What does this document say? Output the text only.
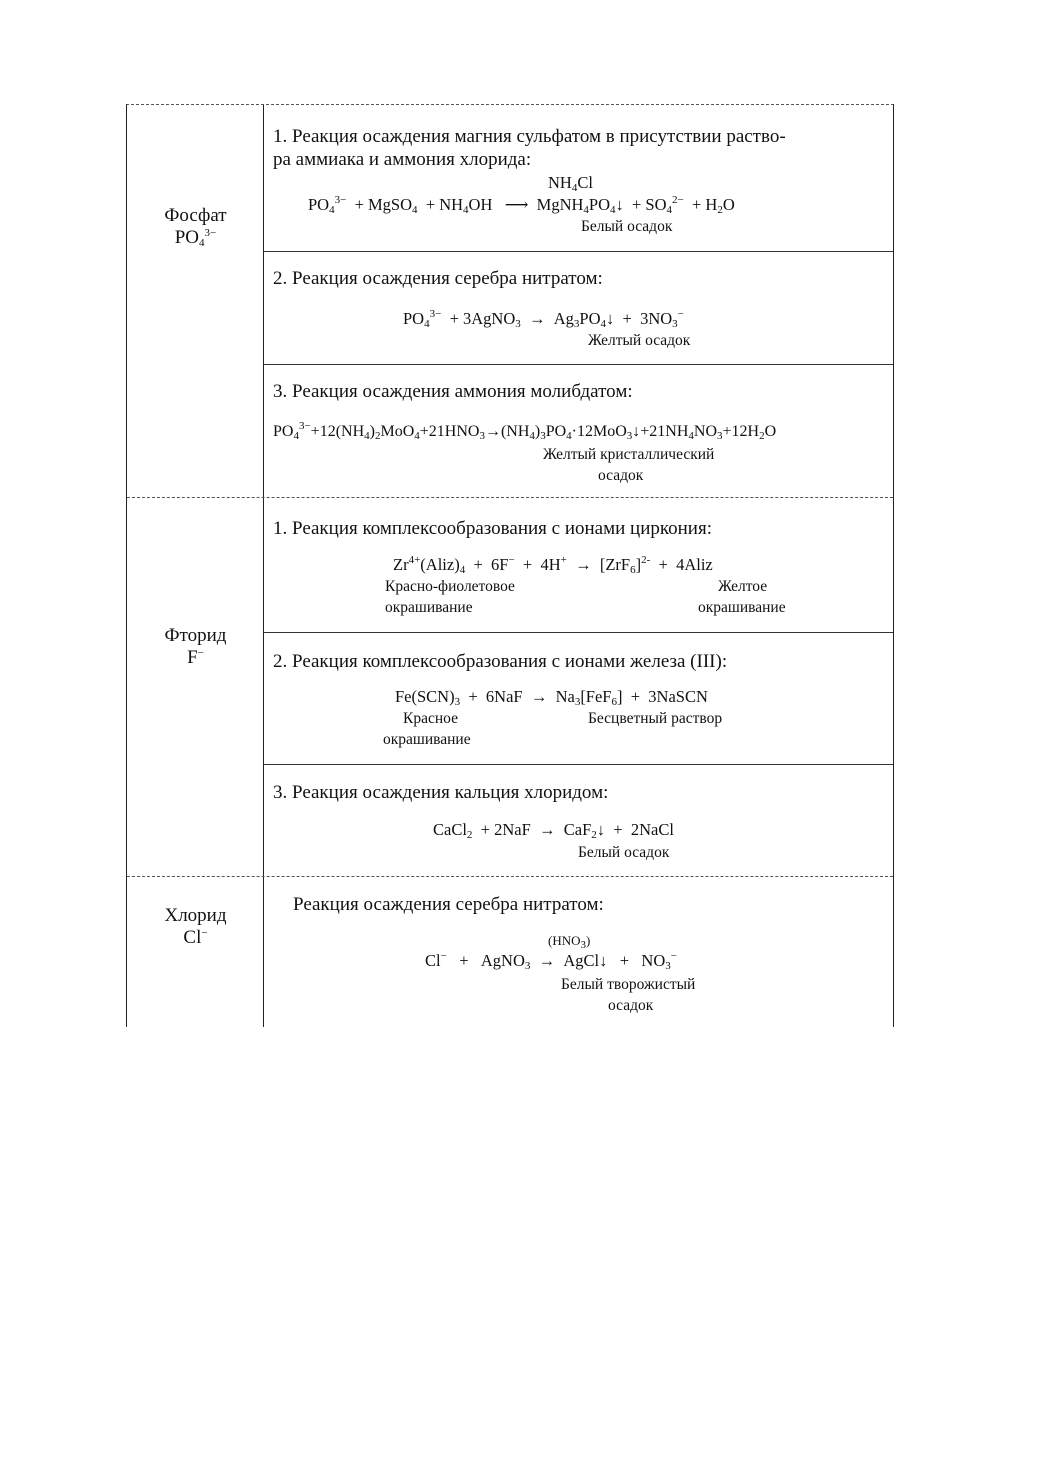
Фосфат
$PO_4^{3-}$
Фторид
F−
Хлорид
Cl−
1. Реакция осаждения магния сульфатом в присутствии раство-
ра аммиака и аммония хлорида:
$NH_4Cl$
$PO_4^{3-}$  + MgSO$_4$  + $NH_4OH$   ⟶  $MgNH_4PO_4↓ + SO_4^{2-} + H_2O$
Белый осадок
2. Реакция осаждения серебра нитратом:
$PO_4^{3-}$  + 3AgNO$_3$  →  $Ag_3PO_4↓ + 3NO_3^-$
Желтый осадок
3. Реакция осаждения аммония молибдатом:
$PO_4^{3-}+12(NH_4)_2MoO_4+21HNO_3\to(NH_4)_3PO_4\cdot 12MoO_3↓+21NH_4NO_3+12H_2O$
Желтый кристаллический
осадок
1. Реакция комплексообразования с ионами циркония:
$Zr^{4+}(Aliz)_4 + 6F^- + 4H^+ \to [ZrF_6]^{2-}$  +  4Aliz
Красно-фиолетовое
окрашивание
Желтое
окрашивание
2. Реакция комплексообразования с ионами железа (III):
$Fe(SCN)_3 + 6NaF \to Na_3[FeF_6]$  +  3NaSCN
Красное
окрашивание
Бесцветный раствор
3. Реакция осаждения кальция хлоридом:
CaCl$_2$  + 2NaF  →  CaF$_2$↓  +  2NaCl
Белый осадок
Реакция осаждения серебра нитратом:
$(HNO_3)$
Cl−   +   AgNO$_3$  →  AgCl↓   +   $NO_3^-$
Белый творожистый
осадок
